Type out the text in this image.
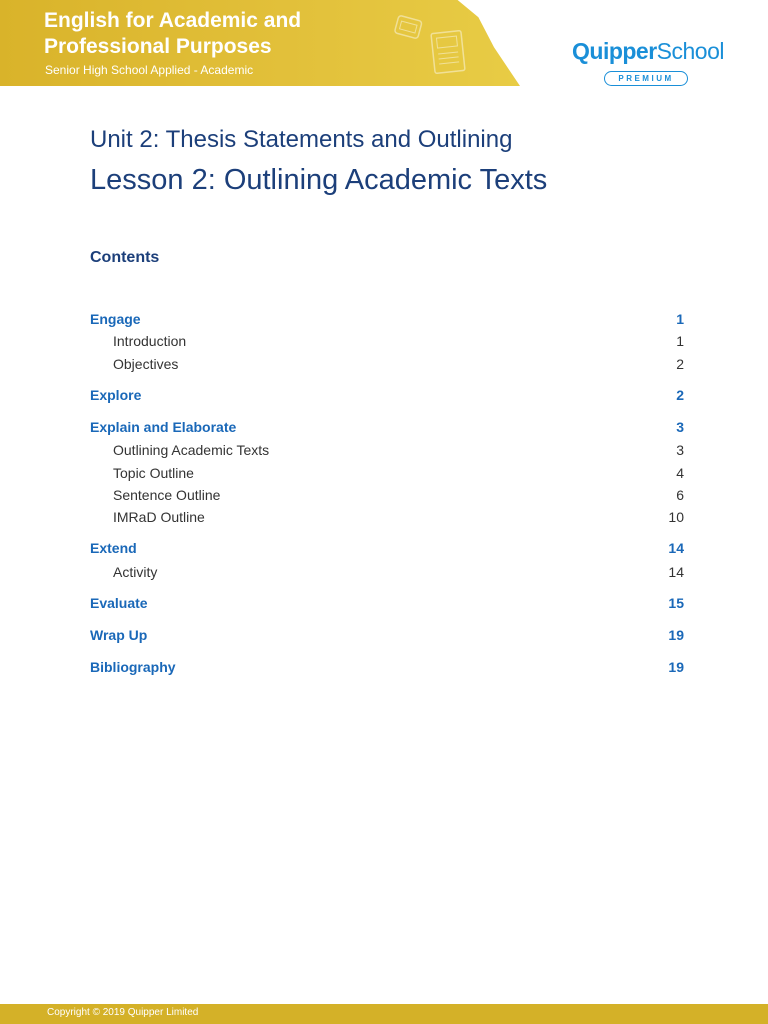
English for Academic and Professional Purposes
Senior High School Applied - Academic
QuipperSchool
PREMIUM
Unit 2: Thesis Statements and Outlining
Lesson 2: Outlining Academic Texts
Contents
Engage	1
Introduction	1
Objectives	2
Explore	2
Explain and Elaborate	3
Outlining Academic Texts	3
Topic Outline	4
Sentence Outline	6
IMRaD Outline	10
Extend	14
Activity	14
Evaluate	15
Wrap Up	19
Bibliography	19
Copyright © 2019 Quipper Limited
